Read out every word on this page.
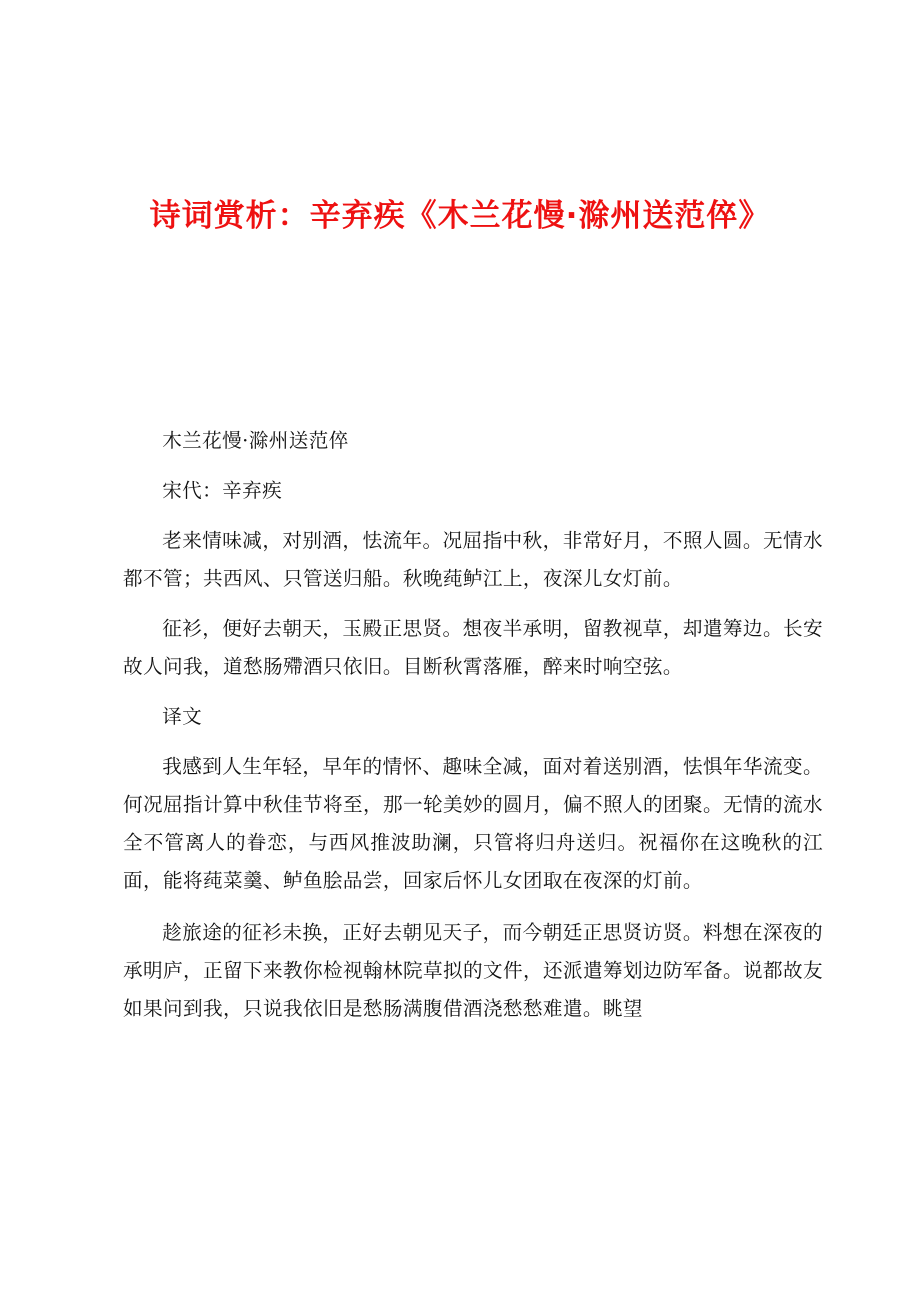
诗词赏析：辛弃疾《木兰花慢·滁州送范倅》

木兰花慢·滁州送范倅

宋代：辛弃疾

老来情味减，对别酒，怯流年。况屈指中秋，非常好月，不照人圆。无情水都不管；共西风、只管送归船。秋晚莼鲈江上，夜深儿女灯前。

征衫，便好去朝天，玉殿正思贤。想夜半承明，留教视草，却遣筹边。长安故人问我，道愁肠殢酒只依旧。目断秋霄落雁，醉来时响空弦。

译文

我感到人生年轻，早年的情怀、趣味全减，面对着送别酒，怯惧年华流变。何况屈指计算中秋佳节将至，那一轮美妙的圆月，偏不照人的团聚。无情的流水全不管离人的眷恋，与西风推波助澜，只管将归舟送归。祝福你在这晚秋的江面，能将莼菜羹、鲈鱼脍品尝，回家后怀儿女团取在夜深的灯前。

趁旅途的征衫未换，正好去朝见天子，而今朝廷正思贤访贤。料想在深夜的承明庐，正留下来教你检视翰林院草拟的文件，还派遣筹划边防军备。说都故友如果问到我，只说我依旧是愁肠满腹借酒浇愁愁难遣。眺望
